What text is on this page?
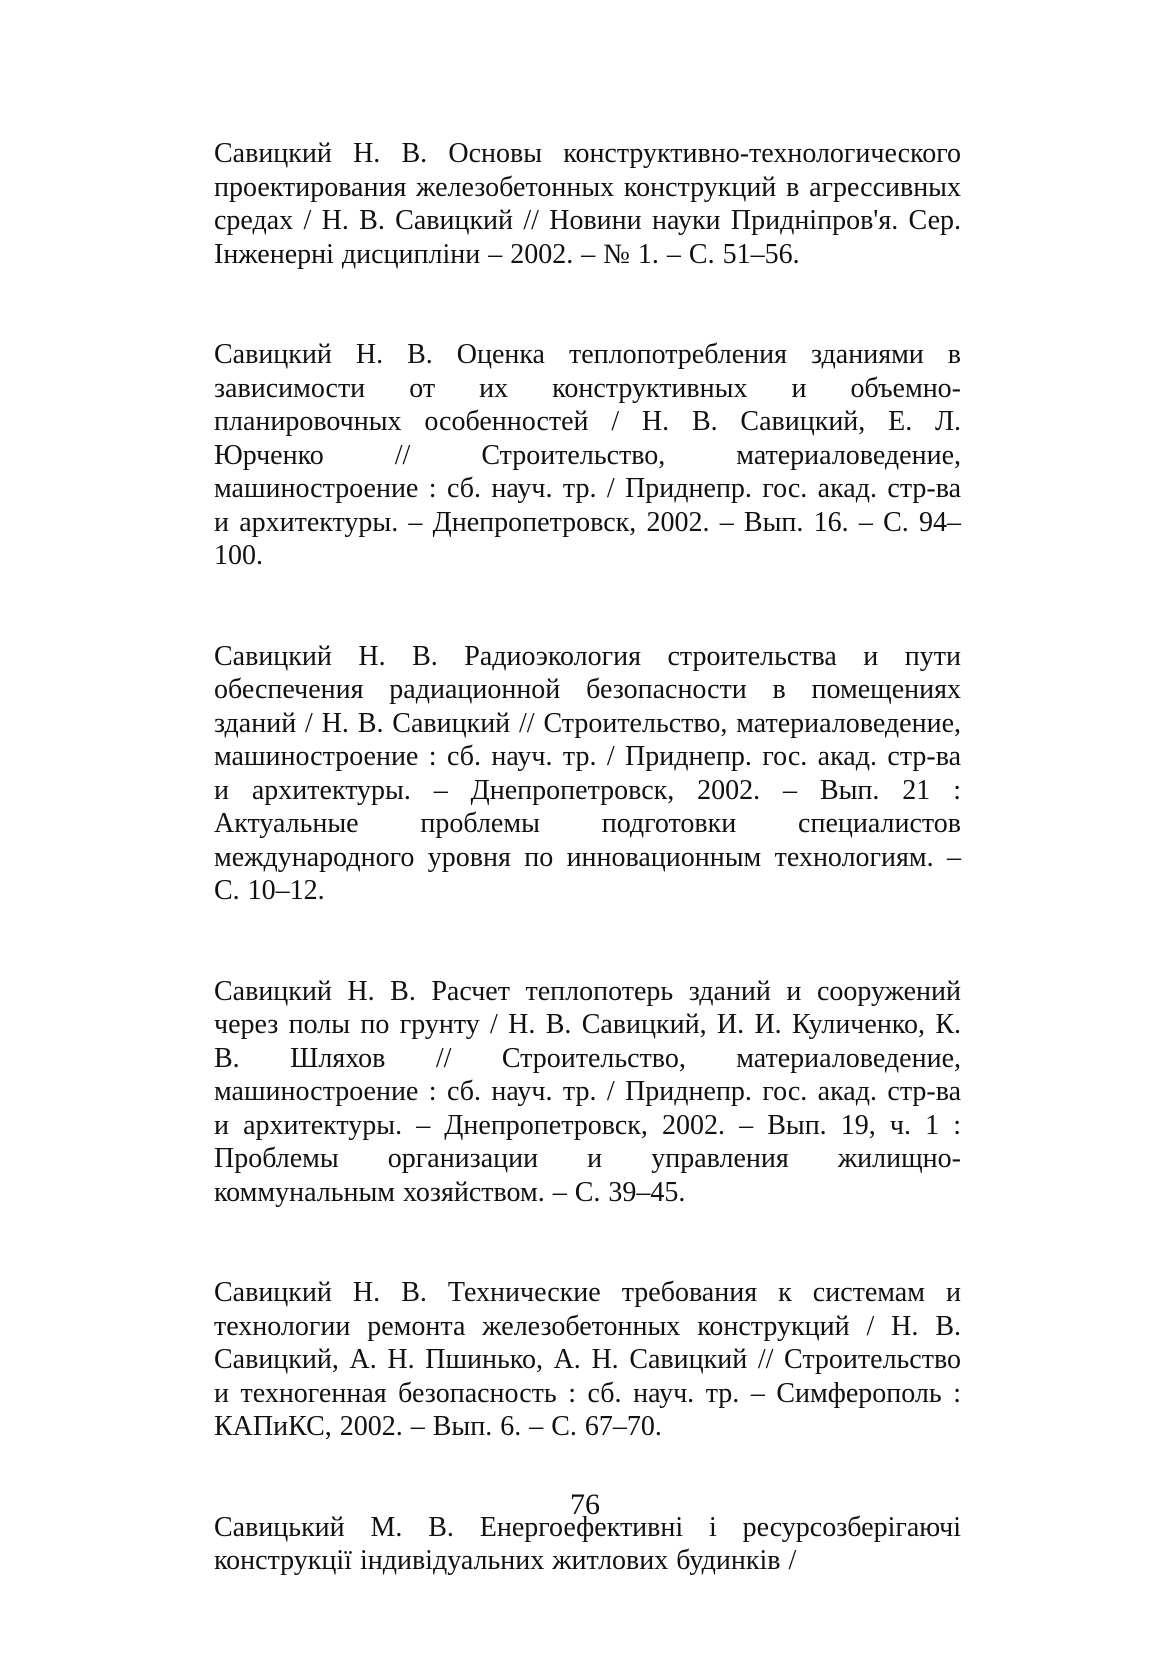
Савицкий Н. В. Основы конструктивно-технологического проектирования железобетонных конструкций в агрессивных средах / Н. В. Савицкий // Новини науки Придніпров'я. Сер. Інженерні дисципліни – 2002. – № 1. – С. 51–56.

Савицкий Н. В. Оценка теплопотребления зданиями в зависимости от их конструктивных и объемно-планировочных особенностей / Н. В. Савицкий, Е. Л. Юрченко // Строительство, материаловедение, машиностроение : сб. науч. тр. / Приднепр. гос. акад. стр-ва и архитектуры. – Днепропетровск, 2002. – Вып. 16. – С. 94–100.

Савицкий Н. В. Радиоэкология строительства и пути обеспечения радиационной безопасности в помещениях зданий / Н. В. Савицкий // Строительство, материаловедение, машиностроение : сб. науч. тр. / Приднепр. гос. акад. стр-ва и архитектуры. – Днепропетровск, 2002. – Вып. 21 : Актуальные проблемы подготовки специалистов международного уровня по инновационным технологиям. – С. 10–12.

Савицкий Н. В. Расчет теплопотерь зданий и сооружений через полы по грунту / Н. В. Савицкий, И. И. Куличенко, К. В. Шляхов // Строительство, материаловедение, машиностроение : сб. науч. тр. / Приднепр. гос. акад. стр-ва и архитектуры. – Днепропетровск, 2002. – Вып. 19, ч. 1 : Проблемы организации и управления жилищно-коммунальным хозяйством. – С. 39–45.

Савицкий Н. В. Технические требования к системам и технологии ремонта железобетонных конструкций / Н. В. Савицкий, А. Н. Пшинько, А. Н. Савицкий // Строительство и техногенная безопасность : сб. науч. тр. – Симферополь : КАПиКС, 2002. – Вып. 6. – С. 67–70.

Савицький М. В. Енергоефективні і ресурсозберігаючі конструкції індивідуальних житлових будинків /

76
